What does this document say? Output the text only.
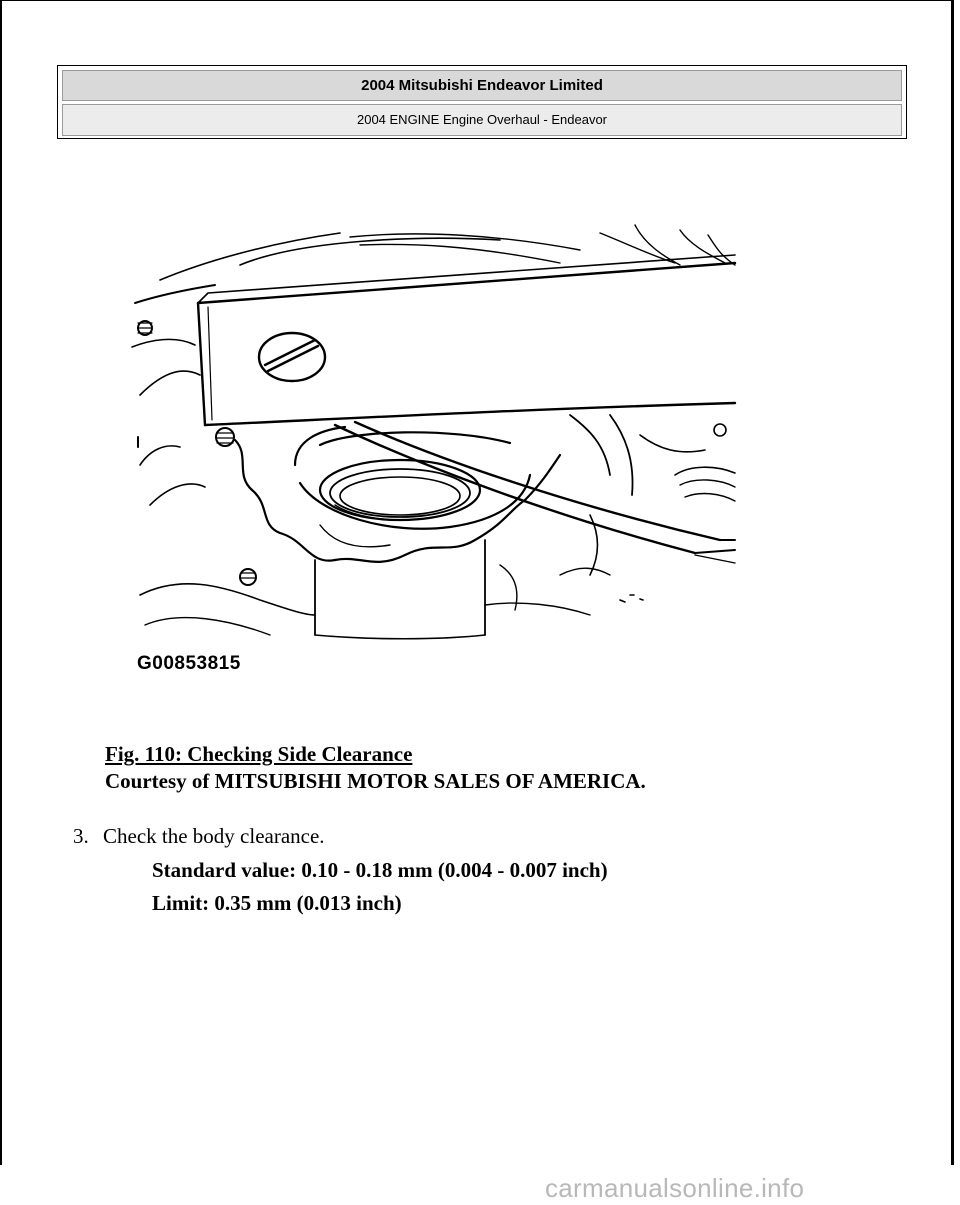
2004 Mitsubishi Endeavor Limited
2004 ENGINE Engine Overhaul - Endeavor
G00853815
Fig. 110: Checking Side Clearance
Courtesy of MITSUBISHI MOTOR SALES OF AMERICA.
3. Check the body clearance.
Standard value: 0.10 - 0.18 mm (0.004 - 0.007 inch)
Limit: 0.35 mm (0.013 inch)
carmanualsonline.info
